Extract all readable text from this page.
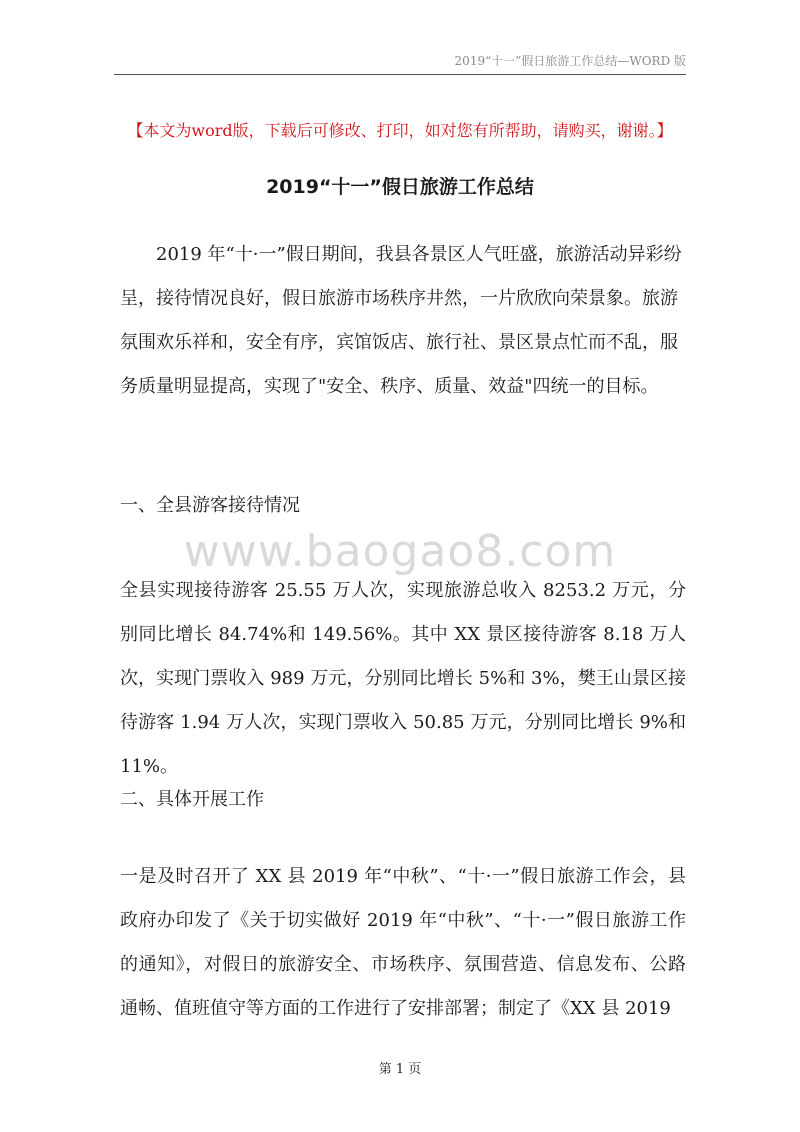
2019“十一”假日旅游工作总结—WORD 版
【本文为word版，下载后可修改、打印，如对您有所帮助，请购买，谢谢。】
2019“十一”假日旅游工作总结

2019 年“十·一”假日期间，我县各景区人气旺盛，旅游活动异彩纷呈，接待情况良好，假日旅游市场秩序井然，一片欣欣向荣景象。旅游氛围欢乐祥和，安全有序，宾馆饭店、旅行社、景区景点忙而不乱，服务质量明显提高，实现了"安全、秩序、质量、效益"四统一的目标。

一、全县游客接待情况
www.baogao8.com

全县实现接待游客 25.55 万人次，实现旅游总收入 8253.2 万元，分别同比增长 84.74%和 149.56%。其中 XX 景区接待游客 8.18 万人次，实现门票收入 989 万元，分别同比增长 5%和 3%，樊王山景区接待游客 1.94 万人次，实现门票收入 50.85 万元，分别同比增长 9%和 11%。

二、具体开展工作

一是及时召开了 XX 县 2019 年“中秋”、“十·一”假日旅游工作会，县政府办印发了《关于切实做好 2019 年“中秋”、“十·一”假日旅游工作的通知》，对假日的旅游安全、市场秩序、氛围营造、信息发布、公路通畅、值班值守等方面的工作进行了安排部署；制定了《XX 县 2019

第 1 页
